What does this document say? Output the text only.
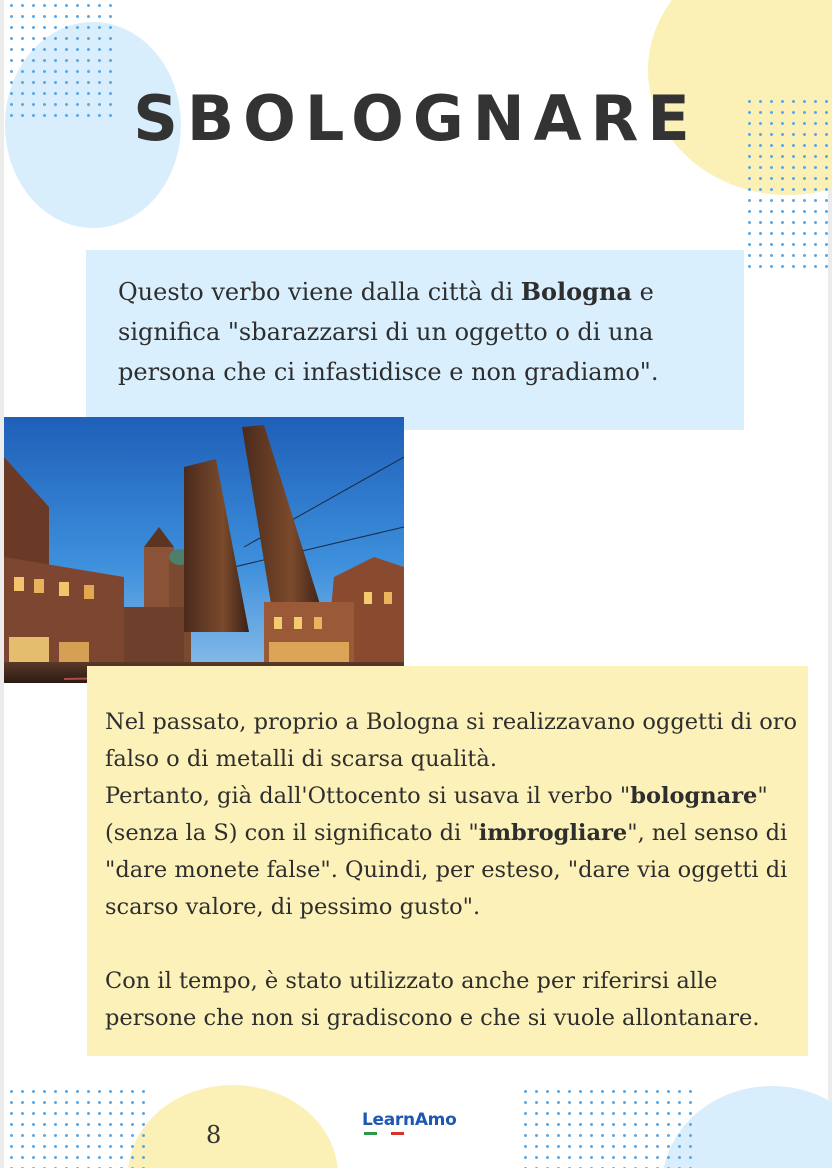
SBOLOGNARE

Questo verbo viene dalla città di Bologna e significa "sbarazzarsi di un oggetto o di una persona che ci infastidisce e non gradiamo".

Nel passato, proprio a Bologna si realizzavano oggetti di oro falso o di metalli di scarsa qualità.

Pertanto, già dall'Ottocento si usava il verbo "bolognare" (senza la S) con il significato di "imbrogliare", nel senso di "dare monete false". Quindi, per esteso, "dare via oggetti di scarso valore, di pessimo gusto".

Con il tempo, è stato utilizzato anche per riferirsi alle persone che non si gradiscono e che si vuole allontanare.

8
LearnAmo
